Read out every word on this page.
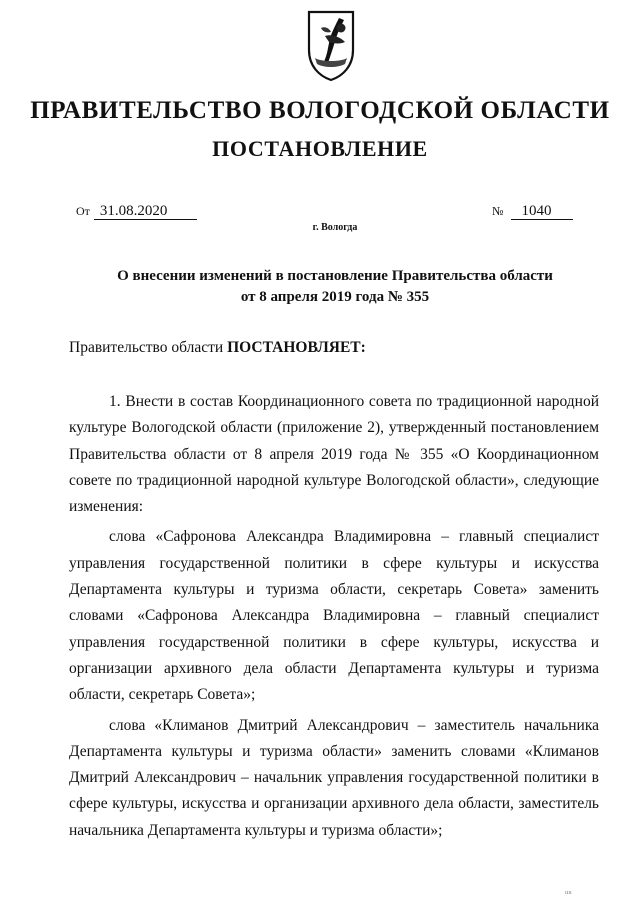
ПРАВИТЕЛЬСТВО ВОЛОГОДСКОЙ ОБЛАСТИ
ПОСТАНОВЛЕНИЕ
От 31.08.2020	№ 1040
г. Вологда
О внесении изменений в постановление Правительства области
от 8 апреля 2019 года № 355
Правительство области ПОСТАНОВЛЯЕТ:

1. Внести в состав Координационного совета по традиционной народной культуре Вологодской области (приложение 2), утвержденный постановлением Правительства области от 8 апреля 2019 года № 355 «О Координационном совете по традиционной народной культуре Вологодской области», следующие изменения:

слова «Сафронова Александра Владимировна – главный специалист управления государственной политики в сфере культуры и искусства Департамента культуры и туризма области, секретарь Совета» заменить словами «Сафронова Александра Владимировна – главный специалист управления государственной политики в сфере культуры, искусства и организации архивного дела области Департамента культуры и туризма области, секретарь Совета»;

слова «Климанов Дмитрий Александрович – заместитель начальника Департамента культуры и туризма области» заменить словами «Климанов Дмитрий Александрович – начальник управления государственной политики в сфере культуры, искусства и организации архивного дела области, заместитель начальника Департамента культуры и туризма области»;

ıııı
